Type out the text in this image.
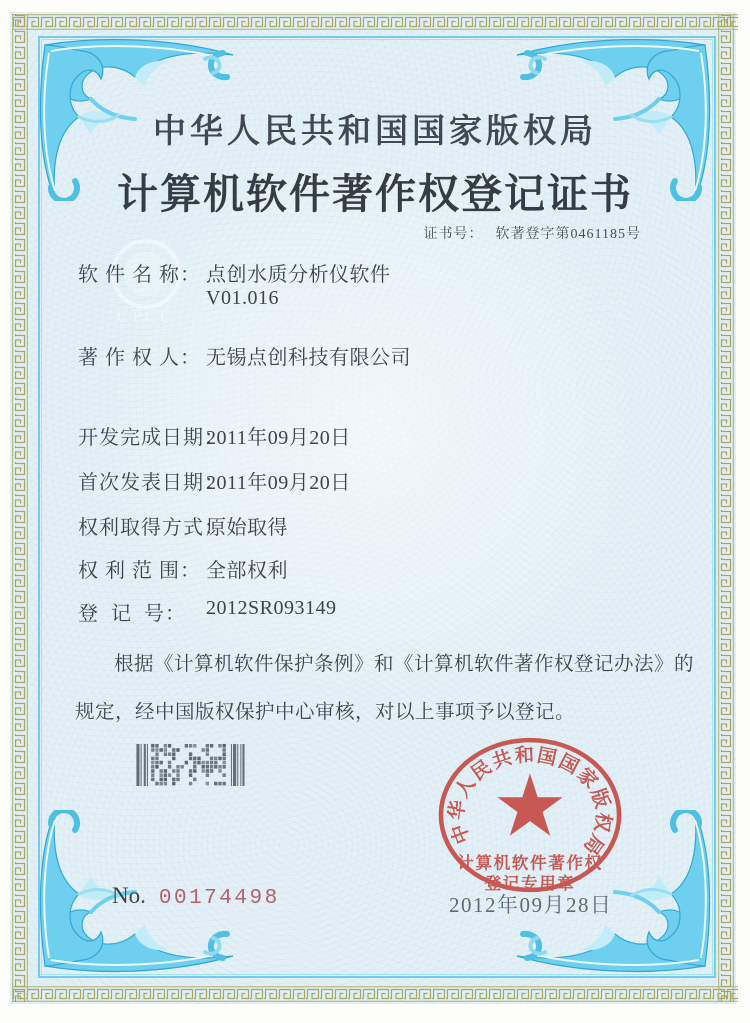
CPCC
中华人民共和国国家版权局
计算机软件著作权登记证书
证书号： 软著登字第0461185号
软 件 名 称： 点创水质分析仪软件
V01.016
著 作 权 人： 无锡点创科技有限公司
开发完成日期：
2011年09月20日
首次发表日期：
2011年09月20日
权利取得方式：
原始取得
权 利 范 围： 全部权利
登  记  号： 2012SR093149
根据《计算机软件保护条例》和《计算机软件著作权登记办法》的
规定，经中国版权保护中心审核，对以上事项予以登记。
中华人民共和国国家版权局
计算机软件著作权
登记专用章
2012年09月28日
No. 00174498
